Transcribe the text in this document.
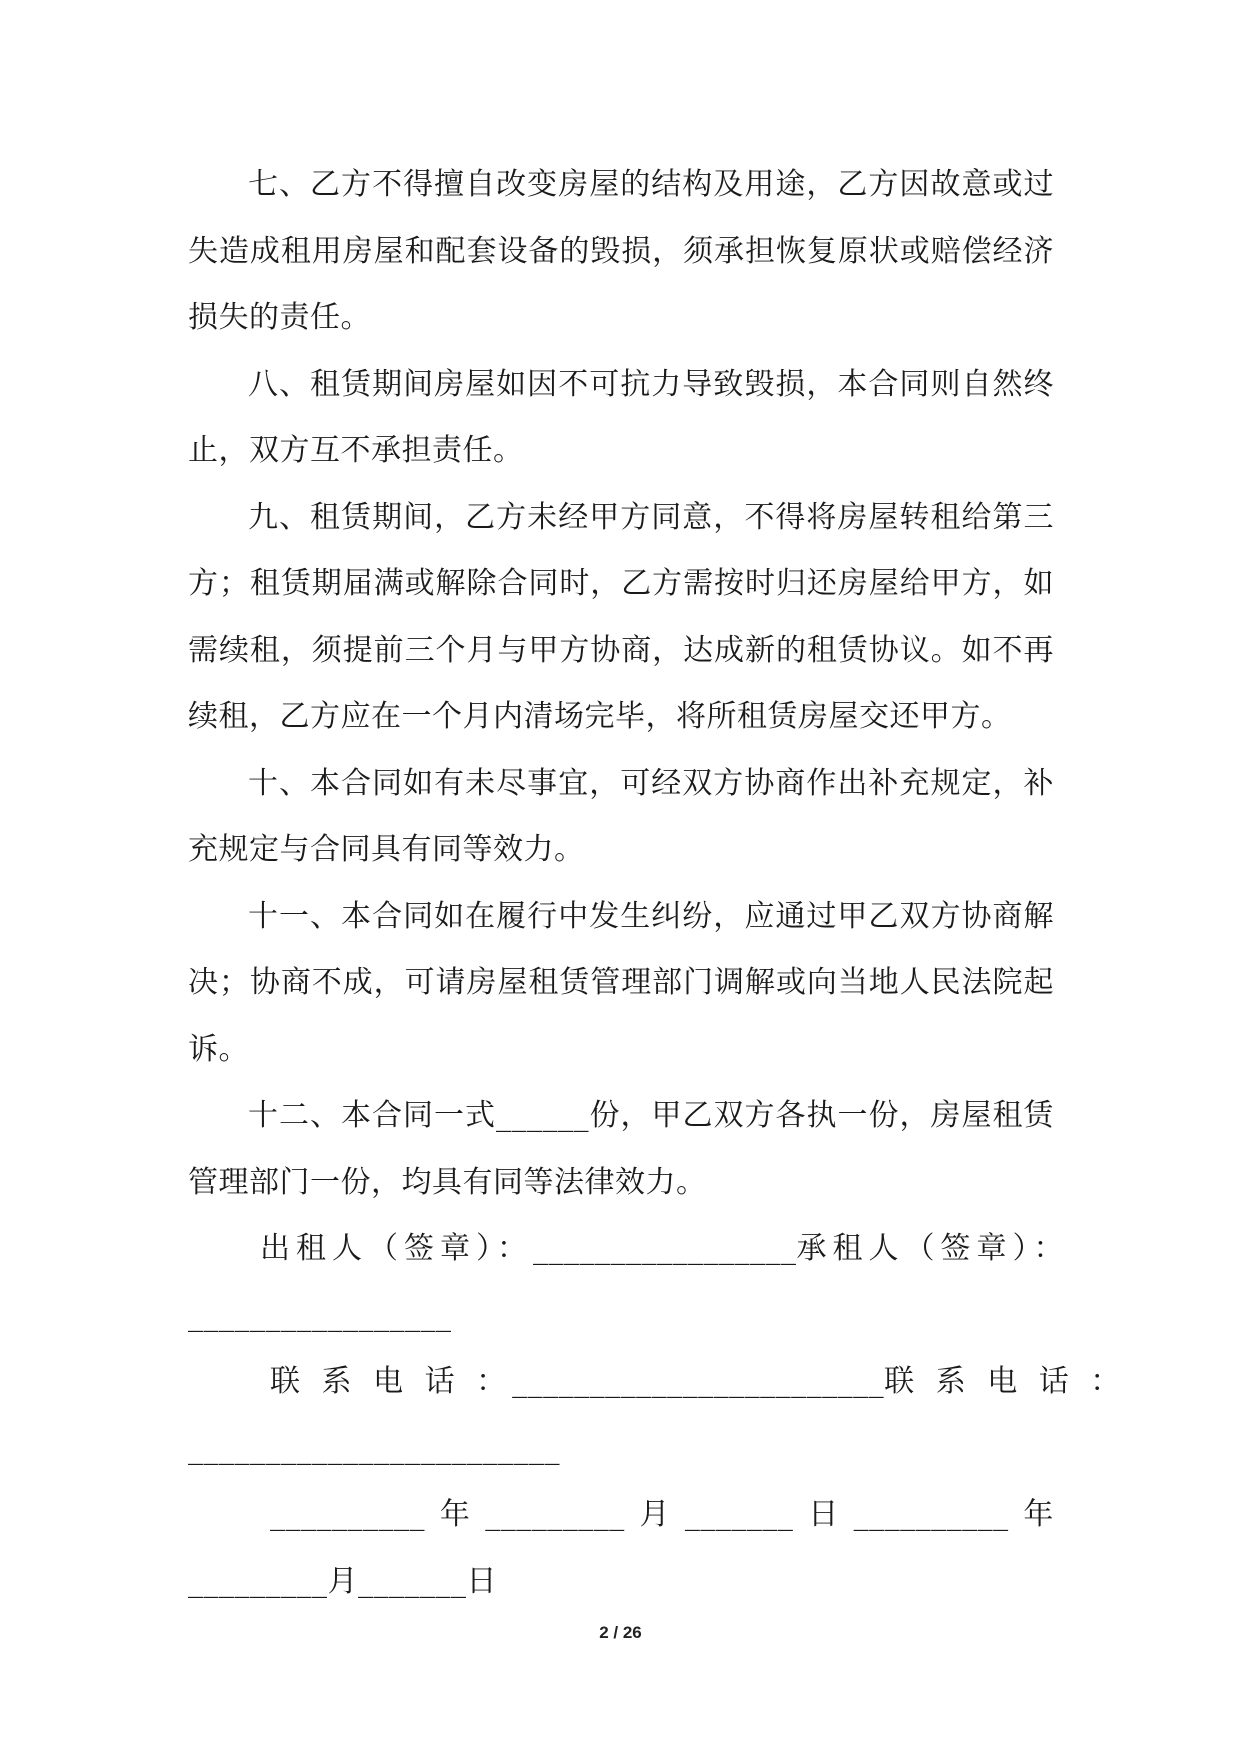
七、乙方不得擅自改变房屋的结构及用途，乙方因故意或过失造成租用房屋和配套设备的毁损，须承担恢复原状或赔偿经济损失的责任。

八、租赁期间房屋如因不可抗力导致毁损，本合同则自然终止，双方互不承担责任。

九、租赁期间，乙方未经甲方同意，不得将房屋转租给第三方；租赁期届满或解除合同时，乙方需按时归还房屋给甲方，如需续租，须提前三个月与甲方协商，达成新的租赁协议。如不再续租，乙方应在一个月内清场完毕，将所租赁房屋交还甲方。

十、本合同如有未尽事宜，可经双方协商作出补充规定，补充规定与合同具有同等效力。

十一、本合同如在履行中发生纠纷，应通过甲乙双方协商解决；协商不成，可请房屋租赁管理部门调解或向当地人民法院起诉。

十二、本合同一式______份，甲乙双方各执一份，房屋租赁管理部门一份，均具有同等法律效力。

出租人（签章）： _________________ 承租人（签章）：
_________________
联 系 电 话 ： ________________________ 联 系 电 话 ：
________________________
__________ 年 _________ 月 _______ 日 __________ 年
_________月_______日
2 / 26
